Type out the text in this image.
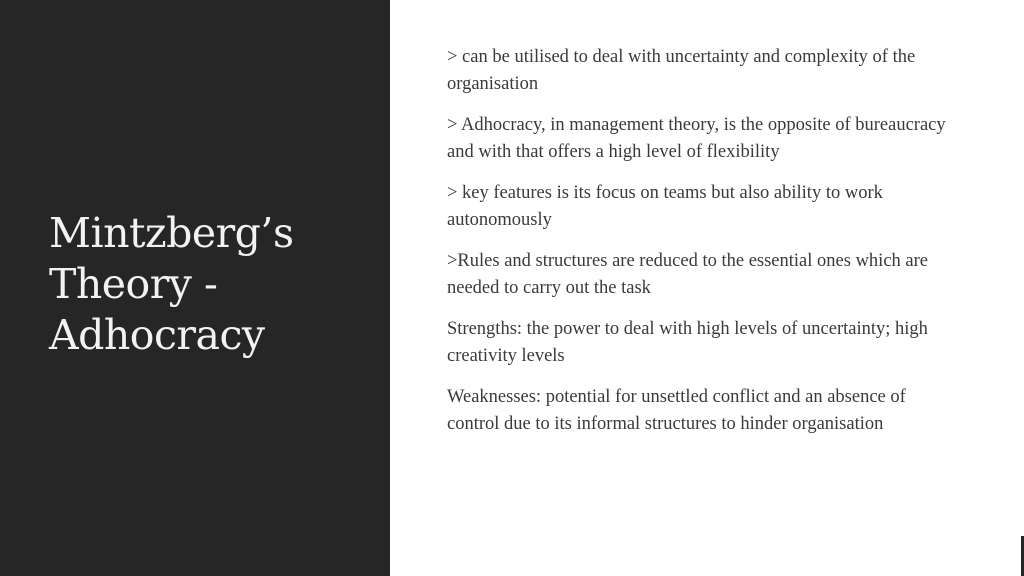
Mintzberg’s
Theory -
Adhocracy
> can be utilised to deal with uncertainty and complexity of the organisation
> Adhocracy, in management theory, is the opposite of bureaucracy and with that offers a high level of flexibility
> key features is its focus on teams but also ability to work autonomously
>Rules and structures are reduced to the essential ones which are needed to carry out the task
Strengths: the power to deal with high levels of uncertainty; high creativity levels
Weaknesses: potential for unsettled conflict and an absence of control due to its informal structures to hinder organisation
